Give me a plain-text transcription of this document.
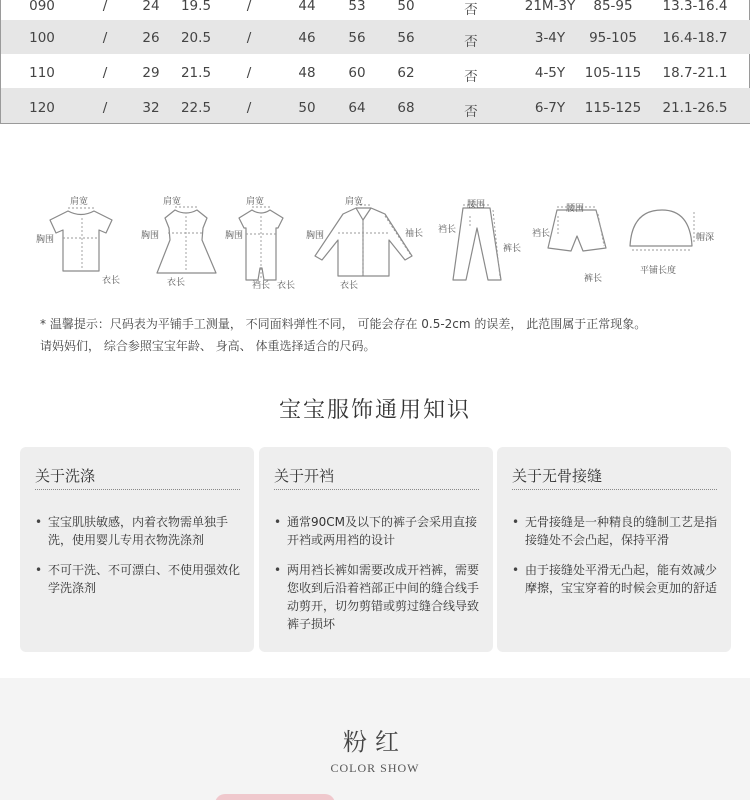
090	/	24 19.5	/	44 53 50	否	21M-3Y 85-95 13.3-16.4
100	/	26 20.5	/	46 56 56	否	3-4Y 95-105 16.4-18.7
110	/	29 21.5	/	48 60 62	否	4-5Y 105-115 18.7-21.1
120	/	32 22.5	/	50 64 68	否	6-7Y 115-125 21.1-26.5
肩宽
胸围
衣长
肩宽
胸围
衣长
肩宽
胸围
裆长 衣长
肩宽
胸围	袖长
衣长
腰围
裆长
裤长
腰围
裆长
裤长
帽深
平铺长度
* 温馨提示：尺码表为平铺手工测量， 不同面料弹性不同， 可能会存在 0.5-2cm 的误差， 此范围属于正常现象。
请妈妈们， 综合参照宝宝年龄、 身高、 体重选择适合的尺码。
宝宝服饰通用知识
关于洗涤
• 宝宝肌肤敏感，内着衣物需单独手洗，使用婴儿专用衣物洗涤剂
• 不可干洗、不可漂白、不使用强效化学洗涤剂
关于开裆
• 通常90CM及以下的裤子会采用直接开裆或两用裆的设计
• 两用裆长裤如需要改成开裆裤，需要您收到后沿着裆部正中间的缝合线手动剪开，切勿剪错或剪过缝合线导致裤子损坏
关于无骨接缝
• 无骨接缝是一种精良的缝制工艺是指接缝处不会凸起，保持平滑
• 由于接缝处平滑无凸起，能有效减少摩擦，宝宝穿着的时候会更加的舒适
粉红
COLOR SHOW
